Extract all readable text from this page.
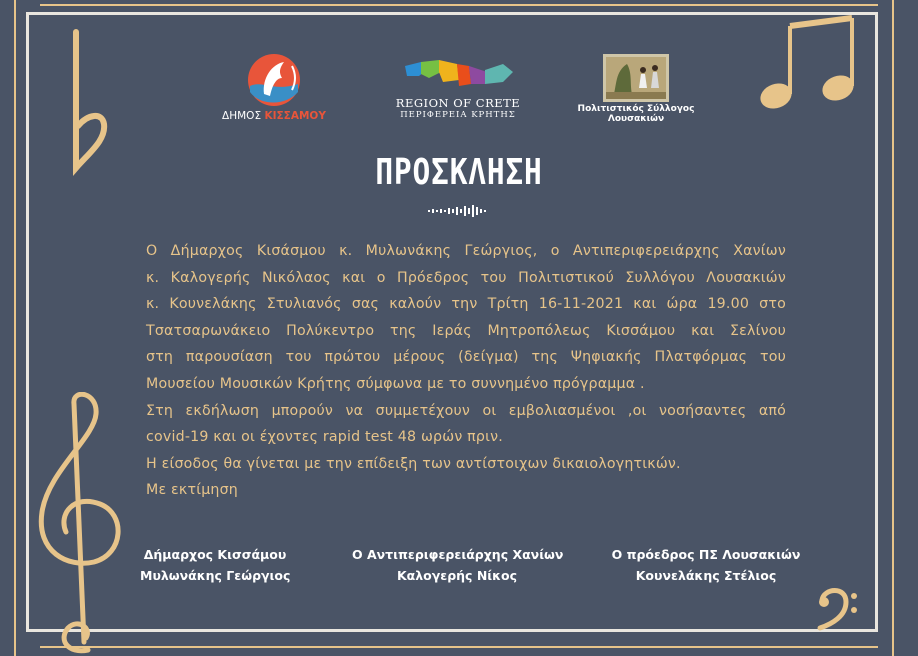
ΔΗΜΟΣ ΚΙΣΣΑΜΟΥ
REGION OF CRETE
ΠΕΡΙΦΕΡΕΙΑ ΚΡΗΤΗΣ
Πολιτιστικός Σύλλογος
Λουσακιών
ΠΡΟΣΚΛΗΣΗ
Ο Δήμαρχος Κισάσμου κ. Μυλωνάκης Γεώργιος, ο Αντιπεριφερειάρχης Χανίων
κ. Καλογερής Νικόλαος και ο Πρόεδρος του Πολιτιστικού Συλλόγου Λουσακιών
κ. Κουνελάκης Στυλιανός σας καλούν την Τρίτη 16-11-2021 και ώρα 19.00 στο
Τσατσαρωνάκειο Πολύκεντρο της Ιεράς Μητροπόλεως Κισσάμου και Σελίνου
στη παρουσίαση του πρώτου μέρους (δείγμα) της Ψηφιακής Πλατφόρμας του
Μουσείου Μουσικών Κρήτης σύμφωνα με το συννημένο πρόγραμμα .
Στη εκδήλωση μπορούν να συμμετέχουν οι εμβολιασμένοι ,οι νοσήσαντες από
covid-19 και οι έχοντες rapid test 48 ωρών πριν.
Η είσοδος θα γίνεται με την επίδειξη των αντίστοιχων δικαιολογητικών.
Με εκτίμηση
Δήμαρχος Κισσάμου
Μυλωνάκης Γεώργιος
Ο Αντιπεριφερειάρχης Χανίων
Καλογερής Νίκος
Ο πρόεδρος ΠΣ Λουσακιών
Κουνελάκης Στέλιος
